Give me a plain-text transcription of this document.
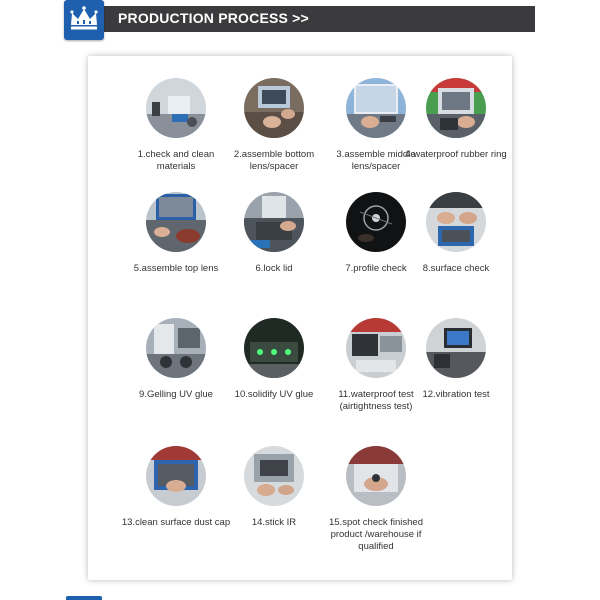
PRODUCTION PROCESS >>
1.check and clean materials
2.assemble bottom lens/spacer
3.assemble middle lens/spacer
4.waterproof rubber ring
5.assemble top lens	6.lock lid	7.profile check	8.surface check
9.Gelling UV glue	10.solidify UV glue	11.waterproof test (airtightness test)
12.vibration test
13.clean surface dust cap	14.stick IR	15.spot check finished product /warehouse if qualified
